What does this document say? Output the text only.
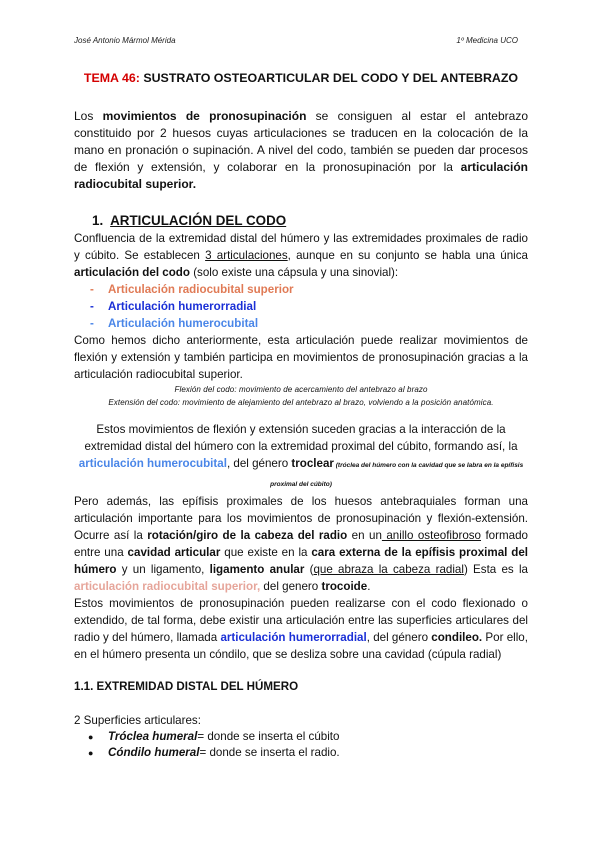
José Antonio Mármol Mérida	1º Medicina UCO
TEMA 46: SUSTRATO OSTEOARTICULAR DEL CODO Y DEL ANTEBRAZO

Los movimientos de pronosupinación se consiguen al estar el antebrazo constituido por 2 huesos cuyas articulaciones se traducen en la colocación de la mano en pronación o supinación. A nivel del codo, también se pueden dar procesos de flexión y extensión, y colaborar en la pronosupinación por la articulación radiocubital superior.

1. ARTICULACIÓN DEL CODO

Confluencia de la extremidad distal del húmero y las extremidades proximales de radio y cúbito. Se establecen 3 articulaciones, aunque en su conjunto se habla una única articulación del codo (solo existe una cápsula y una sinovial):

- Articulación radiocubital superior
- Articulación humerorradial
- Articulación humerocubital

Como hemos dicho anteriormente, esta articulación puede realizar movimientos de flexión y extensión y también participa en movimientos de pronosupinación gracias a la articulación radiocubital superior.

Flexión del codo: movimiento de acercamiento del antebrazo al brazo
Extensión del codo: movimiento de alejamiento del antebrazo al brazo, volviendo a la posición anatómica.

Estos movimientos de flexión y extensión suceden gracias a la interacción de la extremidad distal del húmero con la extremidad proximal del cúbito, formando así, la articulación humerocubital, del género troclear (tróclea del húmero con la cavidad que se labra en la epífisis proximal del cúbito)

Pero además, las epífisis proximales de los huesos antebraquiales forman una articulación importante para los movimientos de pronosupinación y flexión-extensión. Ocurre así la rotación/giro de la cabeza del radio en un anillo osteofibroso formado entre una cavidad articular que existe en la cara externa de la epífisis proximal del húmero y un ligamento, ligamento anular (que abraza la cabeza radial) Esta es la articulación radiocubital superior, del genero trocoide.

Estos movimientos de pronosupinación pueden realizarse con el codo flexionado o extendido, de tal forma, debe existir una articulación entre las superficies articulares del radio y del húmero, llamada articulación humerorradial, del género condileo. Por ello, en el húmero presenta un cóndilo, que se desliza sobre una cavidad (cúpula radial)

1.1. EXTREMIDAD DISTAL DEL HÚMERO

2 Superficies articulares:

● Tróclea humeral= donde se inserta el cúbito
● Cóndilo humeral= donde se inserta el radio.
